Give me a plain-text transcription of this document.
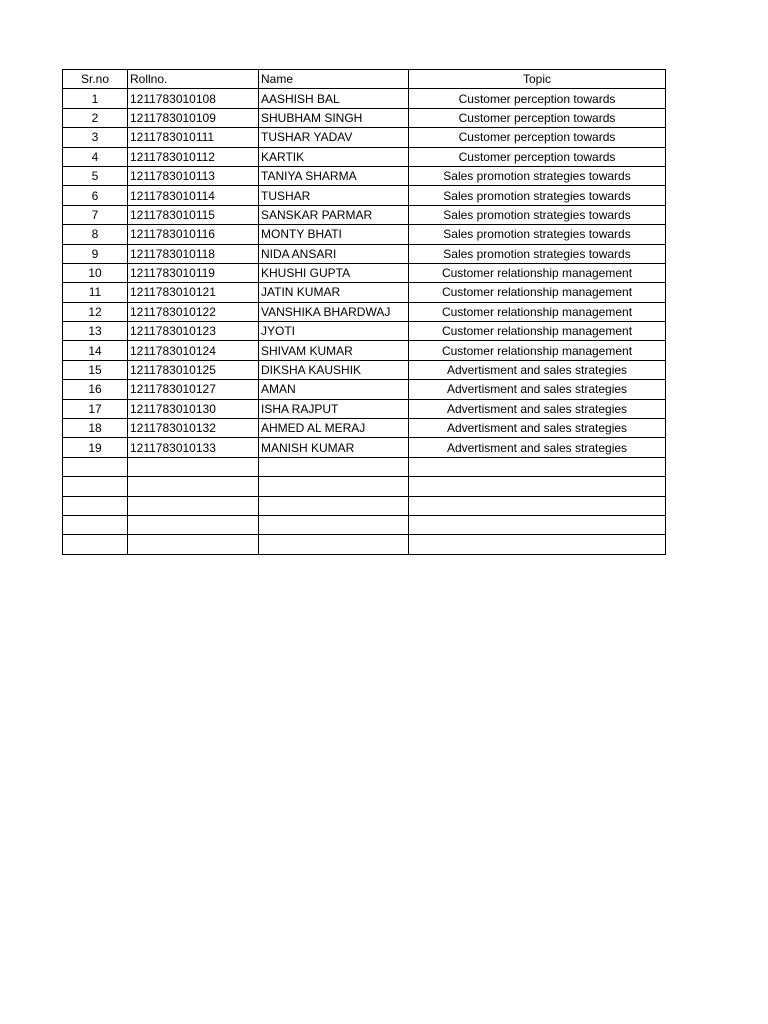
Sr.no	Rollno.	Name	Topic
1	1211783010108	AASHISH BAL	Customer perception towards
2	1211783010109	SHUBHAM SINGH	Customer perception towards
3	1211783010111	TUSHAR YADAV	Customer perception towards
4	1211783010112	KARTIK	Customer perception towards
5	1211783010113	TANIYA SHARMA	Sales promotion strategies towards
6	1211783010114	TUSHAR	Sales promotion strategies towards
7	1211783010115	SANSKAR PARMAR	Sales promotion strategies towards
8	1211783010116	MONTY BHATI	Sales promotion strategies towards
9	1211783010118	NIDA ANSARI	Sales promotion strategies towards
10	1211783010119	KHUSHI GUPTA	Customer relationship management
11	1211783010121	JATIN KUMAR	Customer relationship management
12	1211783010122	VANSHIKA BHARDWAJ	Customer relationship management
13	1211783010123	JYOTI	Customer relationship management
14	1211783010124	SHIVAM KUMAR	Customer relationship management
15	1211783010125	DIKSHA KAUSHIK	Advertisment and sales strategies
16	1211783010127	AMAN	Advertisment and sales strategies
17	1211783010130	ISHA RAJPUT	Advertisment and sales strategies
18	1211783010132	AHMED AL MERAJ	Advertisment and sales strategies
19	1211783010133	MANISH KUMAR	Advertisment and sales strategies
